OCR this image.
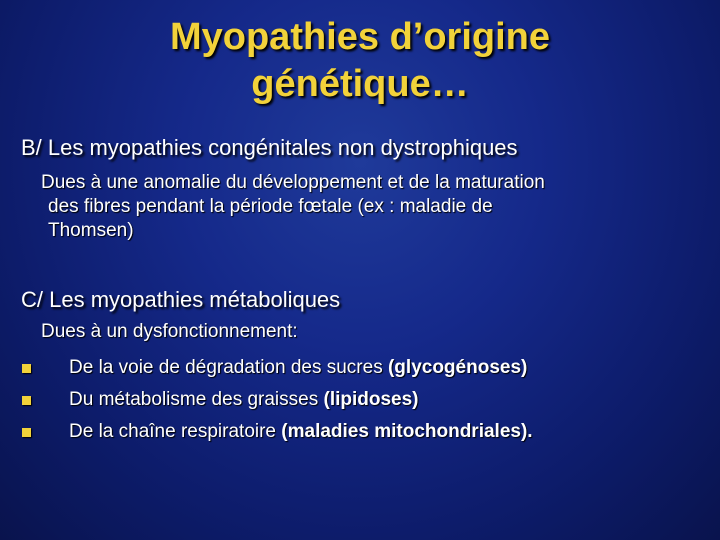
Myopathies d’origine
génétique…
B/ Les myopathies congénitales non dystrophiques
Dues à une anomalie du développement et de la maturation
des fibres pendant la période fœtale (ex : maladie de
Thomsen)
C/ Les myopathies métaboliques
Dues à un dysfonctionnement:
De la voie de dégradation des sucres (glycogénoses)
Du métabolisme des graisses (lipidoses)
De la chaîne respiratoire (maladies mitochondriales).
